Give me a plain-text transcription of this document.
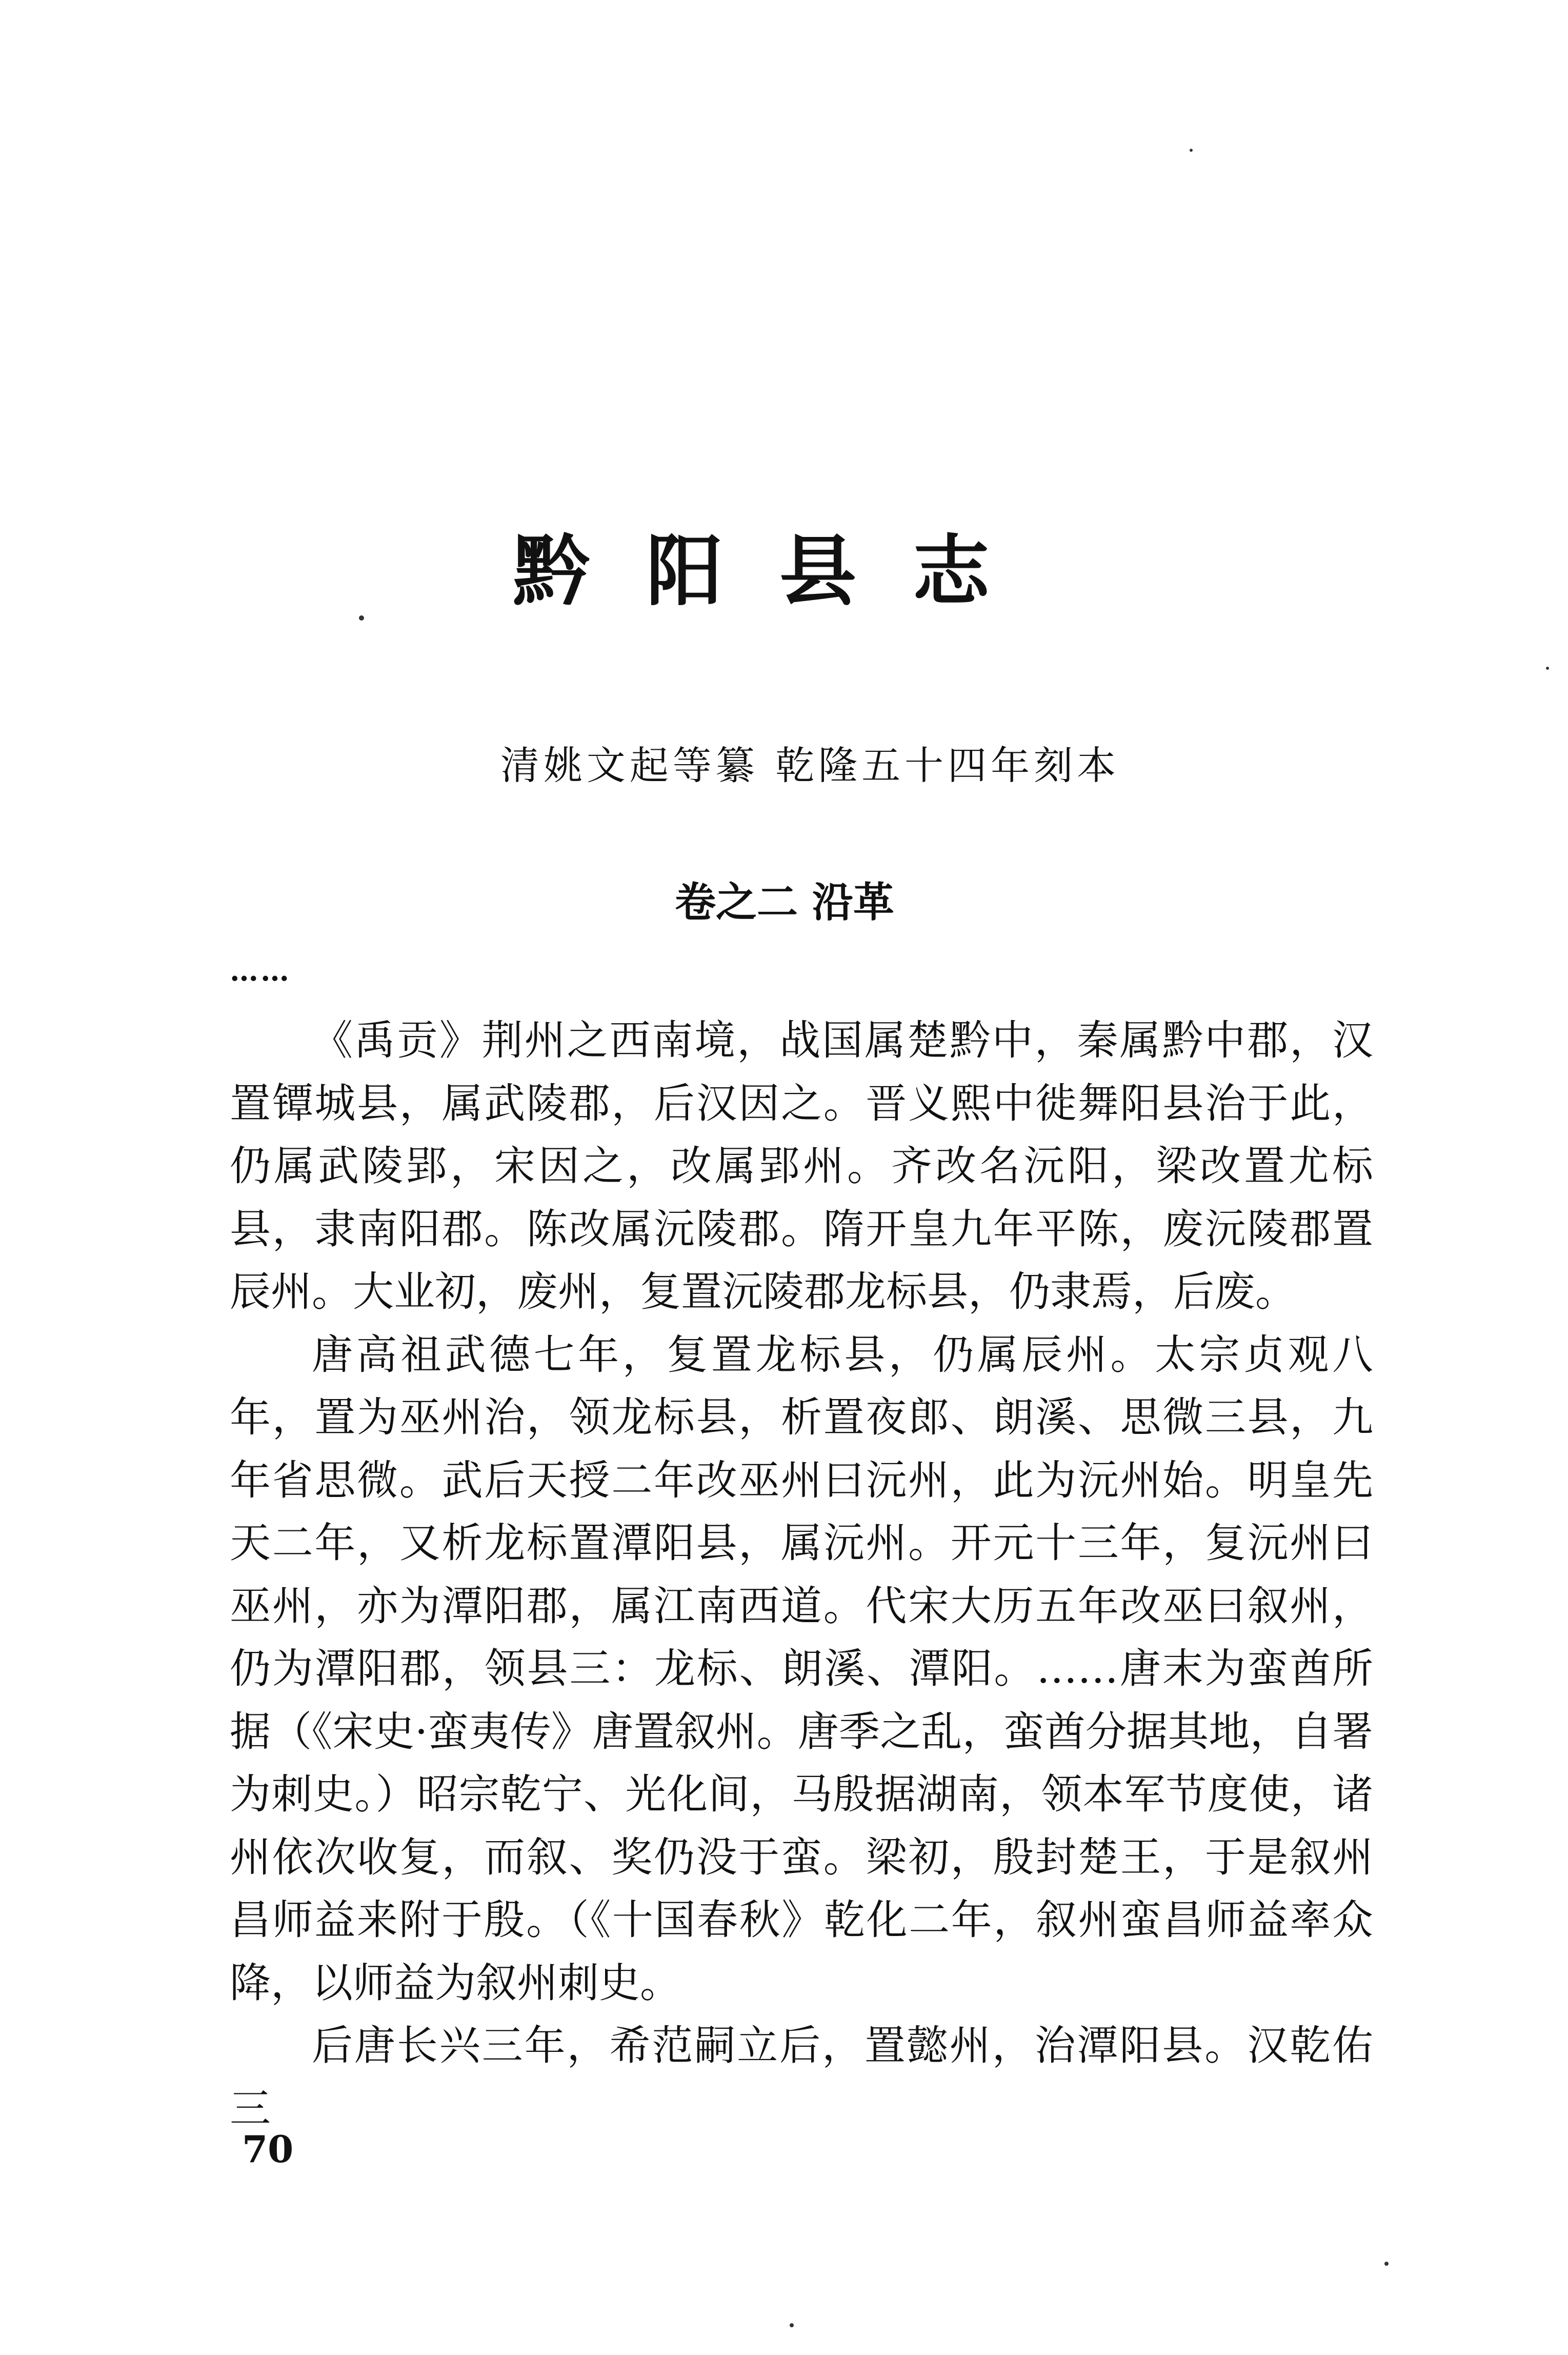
黔阳县志
清姚文起等纂 乾隆五十四年刻本
卷之二 沿革
……

《禹贡》荆州之西南境，战国属楚黔中，秦属黔中郡，汉置镡城县，属武陵郡，后汉因之。晋义熙中徙舞阳县治于此，仍属武陵郢，宋因之，改属郢州。齐改名沅阳，梁改置尤标县，隶南阳郡。陈改属沅陵郡。隋开皇九年平陈，废沅陵郡置辰州。大业初，废州，复置沅陵郡龙标县，仍隶焉，后废。

唐高祖武德七年，复置龙标县，仍属辰州。太宗贞观八年，置为巫州治，领龙标县，析置夜郎、朗溪、思微三县，九年省思微。武后天授二年改巫州曰沅州，此为沅州始。明皇先天二年，又析龙标置潭阳县，属沅州。开元十三年，复沅州曰巫州，亦为潭阳郡，属江南西道。代宋大历五年改巫曰叙州，仍为潭阳郡，领县三：龙标、朗溪、潭阳。……唐末为蛮酋所据（《宋史·蛮夷传》唐置叙州。唐季之乱，蛮酋分据其地，自署为刺史。）昭宗乾宁、光化间，马殷据湖南，领本军节度使，诸州依次收复，而叙、奖仍没于蛮。梁初，殷封楚王，于是叙州昌师益来附于殷。（《十国春秋》乾化二年，叙州蛮昌师益率众降，以师益为叙州刺史。

后唐长兴三年，希范嗣立后，置懿州，治潭阳县。汉乾佑三

70
